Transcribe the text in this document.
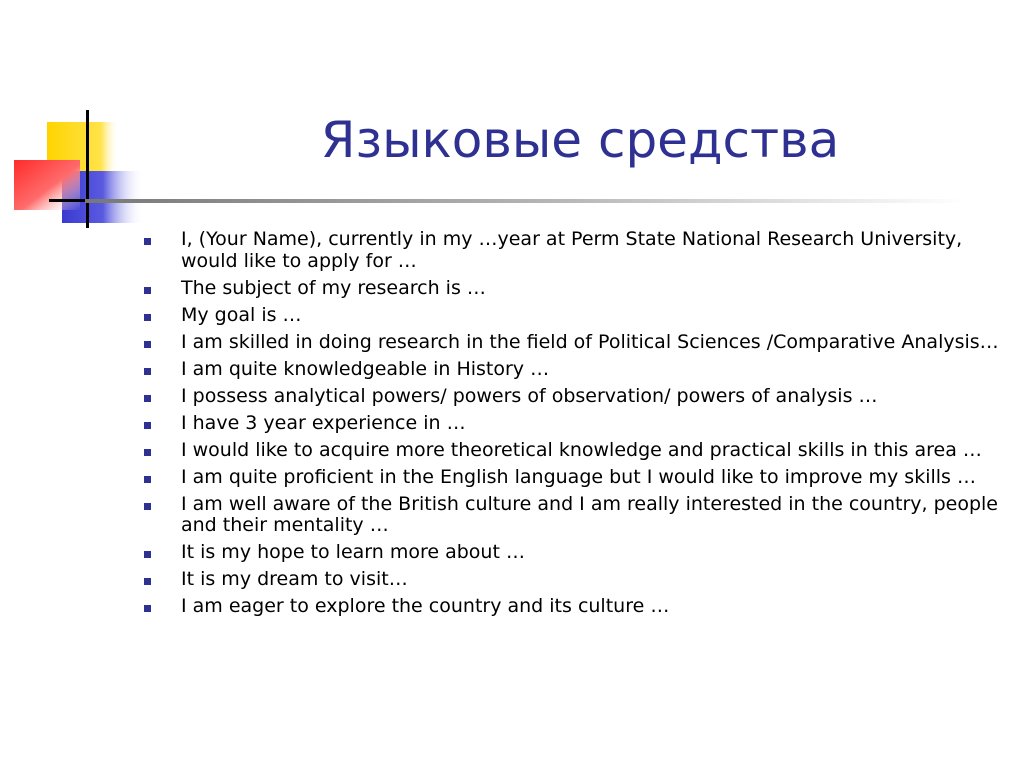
Языковые средства
I, (Your Name), currently in my …year at Perm State National Research University, would like to apply for …
The subject of my research is …
My goal is …
I am skilled in doing research in the field of Political Sciences /Comparative Analysis…
I am quite knowledgeable in History …
I possess analytical powers/ powers of observation/ powers of analysis …
I have 3 year experience in …
I would like to acquire more theoretical knowledge and practical skills in this area …
I am quite proficient in the English language but I would like to improve my skills …
I am well aware of the British culture and I am really interested in the country, people and their mentality …
It is my hope to learn more about …
It is my dream to visit…
I am eager to explore the country and its culture …
